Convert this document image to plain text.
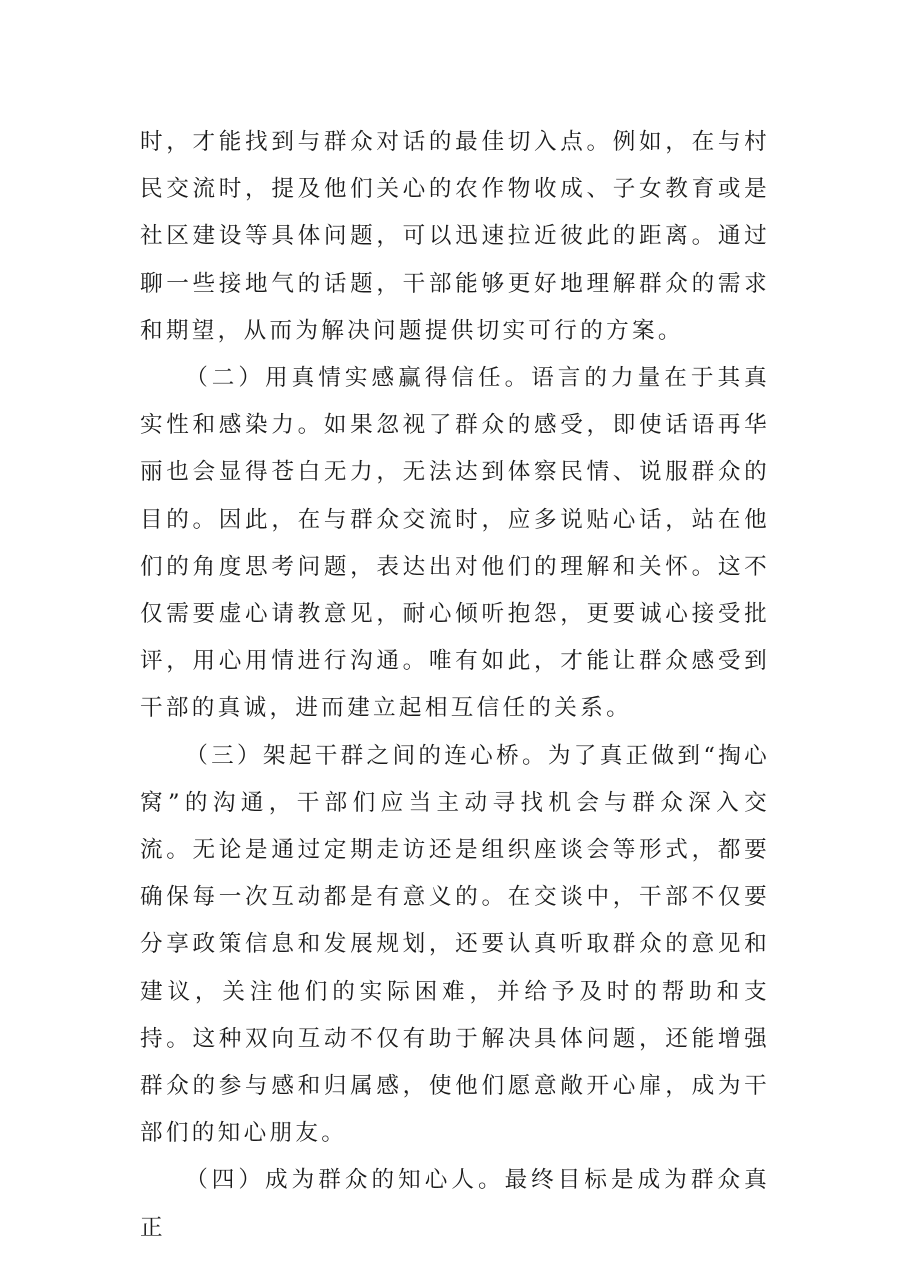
时，才能找到与群众对话的最佳切入点。例如，在与村民交流时，提及他们关心的农作物收成、子女教育或是社区建设等具体问题，可以迅速拉近彼此的距离。通过聊一些接地气的话题，干部能够更好地理解群众的需求和期望，从而为解决问题提供切实可行的方案。

（二）用真情实感赢得信任。语言的力量在于其真实性和感染力。如果忽视了群众的感受，即使话语再华丽也会显得苍白无力，无法达到体察民情、说服群众的目的。因此，在与群众交流时，应多说贴心话，站在他们的角度思考问题，表达出对他们的理解和关怀。这不仅需要虚心请教意见，耐心倾听抱怨，更要诚心接受批评，用心用情进行沟通。唯有如此，才能让群众感受到干部的真诚，进而建立起相互信任的关系。

（三）架起干群之间的连心桥。为了真正做到“掏心窝”的沟通，干部们应当主动寻找机会与群众深入交流。无论是通过定期走访还是组织座谈会等形式，都要确保每一次互动都是有意义的。在交谈中，干部不仅要分享政策信息和发展规划，还要认真听取群众的意见和建议，关注他们的实际困难，并给予及时的帮助和支持。这种双向互动不仅有助于解决具体问题，还能增强群众的参与感和归属感，使他们愿意敞开心扉，成为干部们的知心朋友。

（四）成为群众的知心人。最终目标是成为群众真正
